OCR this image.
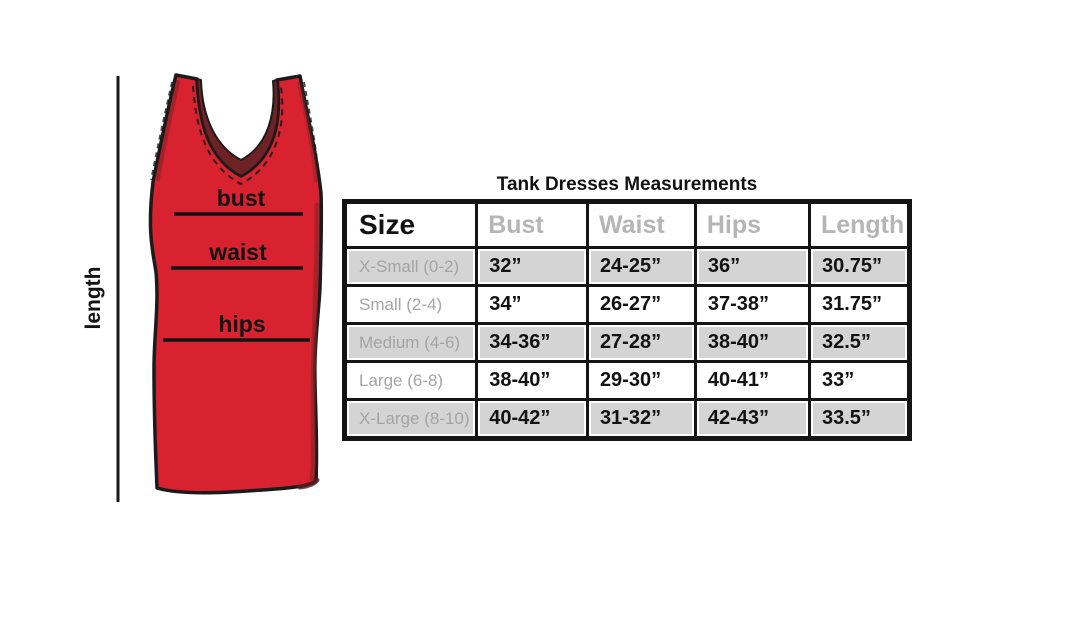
length
bust
waist
hips
Tank Dresses Measurements
Size	Bust	Waist	Hips	Length
X-Small (0-2)	32”	24-25”	36”	30.75”
Small (2-4)	34”	26-27”	37-38”	31.75”
Medium (4-6)	34-36”	27-28”	38-40”	32.5”
Large (6-8)	38-40”	29-30”	40-41”	33”
X-Large (8-10)	40-42”	31-32”	42-43”	33.5”
